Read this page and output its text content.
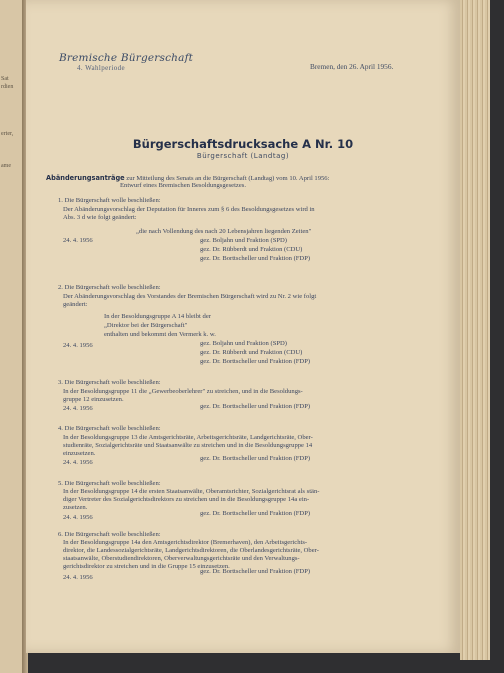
Sat
rdien
erter,
ame
Bremische Bürgerschaft
4. Wahlperiode	Bremen, den 26. April 1956.
Bürgerschaftsdrucksache A Nr. 10
Bürgerschaft (Landtag)
Abänderungsanträge zur Mitteilung des Senats an die Bürgerschaft (Landtag) vom 10. April 1956:
Entwurf eines Bremischen Besoldungsgesetzes.
1. Die Bürgerschaft wolle beschließen:
Der Abänderungsvorschlag der Deputation für Inneres zum § 6 des Besoldungsgesetzes wird in
Abs. 3 d wie folgt geändert:
„die nach Vollendung des nach 20 Lebensjahren liegenden Zeiten"
24. 4. 1956	gez. Boljahn und Fraktion (SPD)
gez. Dr. Rübberdt und Fraktion (CDU)
gez. Dr. Borttscheller und Fraktion (FDP)
2. Die Bürgerschaft wolle beschließen:
Der Abänderungsvorschlag des Vorstandes der Bremischen Bürgerschaft wird zu Nr. 2 wie folgt
geändert:
In der Besoldungsgruppe A 14 bleibt der
„Direktor bei der Bürgerschaft"
enthalten und bekommt den Vermerk k. w.
24. 4. 1956	gez. Boljahn und Fraktion (SPD)
gez. Dr. Rübberdt und Fraktion (CDU)
gez. Dr. Borttscheller und Fraktion (FDP)
3. Die Bürgerschaft wolle beschließen:
In der Besoldungsgruppe 11 die „Gewerbeoberlehrer" zu streichen, und in die Besoldungs-
gruppe 12 einzusetzen.
24. 4. 1956	gez. Dr. Borttscheller und Fraktion (FDP)
4. Die Bürgerschaft wolle beschließen:
In der Besoldungsgruppe 13 die Amtsgerichtsräte, Arbeitsgerichtsräte, Landgerichtsräte, Ober-
studienräte, Sozialgerichtsräte und Staatsanwälte zu streichen und in die Besoldungsgruppe 14
einzusetzen.
24. 4. 1956
gez. Dr. Borttscheller und Fraktion (FDP)
5. Die Bürgerschaft wolle beschließen:
In der Besoldungsgruppe 14 die ersten Staatsanwälte, Oberamtsrichter, Sozialgerichtsrat als stän-
diger Vertreter des Sozialgerichtsdirektors zu streichen und in die Besoldungsgruppe 14a ein-
zusetzen.
24. 4. 1956
gez. Dr. Borttscheller und Fraktion (FDP)
6. Die Bürgerschaft wolle beschließen:
In der Besoldungsgruppe 14a den Amtsgerichtsdirektor (Bremerhaven), den Arbeitsgerichts-
direktor, die Landessozialgerichtsräte, Landgerichtsdirektoren, die Oberlandesgerichtsräte, Ober-
staatsanwälte, Oberstudiendirektoren, Oberverwaltungsgerichtsräte und den Verwaltungs-
gerichtsdirektor zu streichen und in die Gruppe 15 einzusetzen.
24. 4. 1956
gez. Dr. Borttscheller und Fraktion (FDP)
